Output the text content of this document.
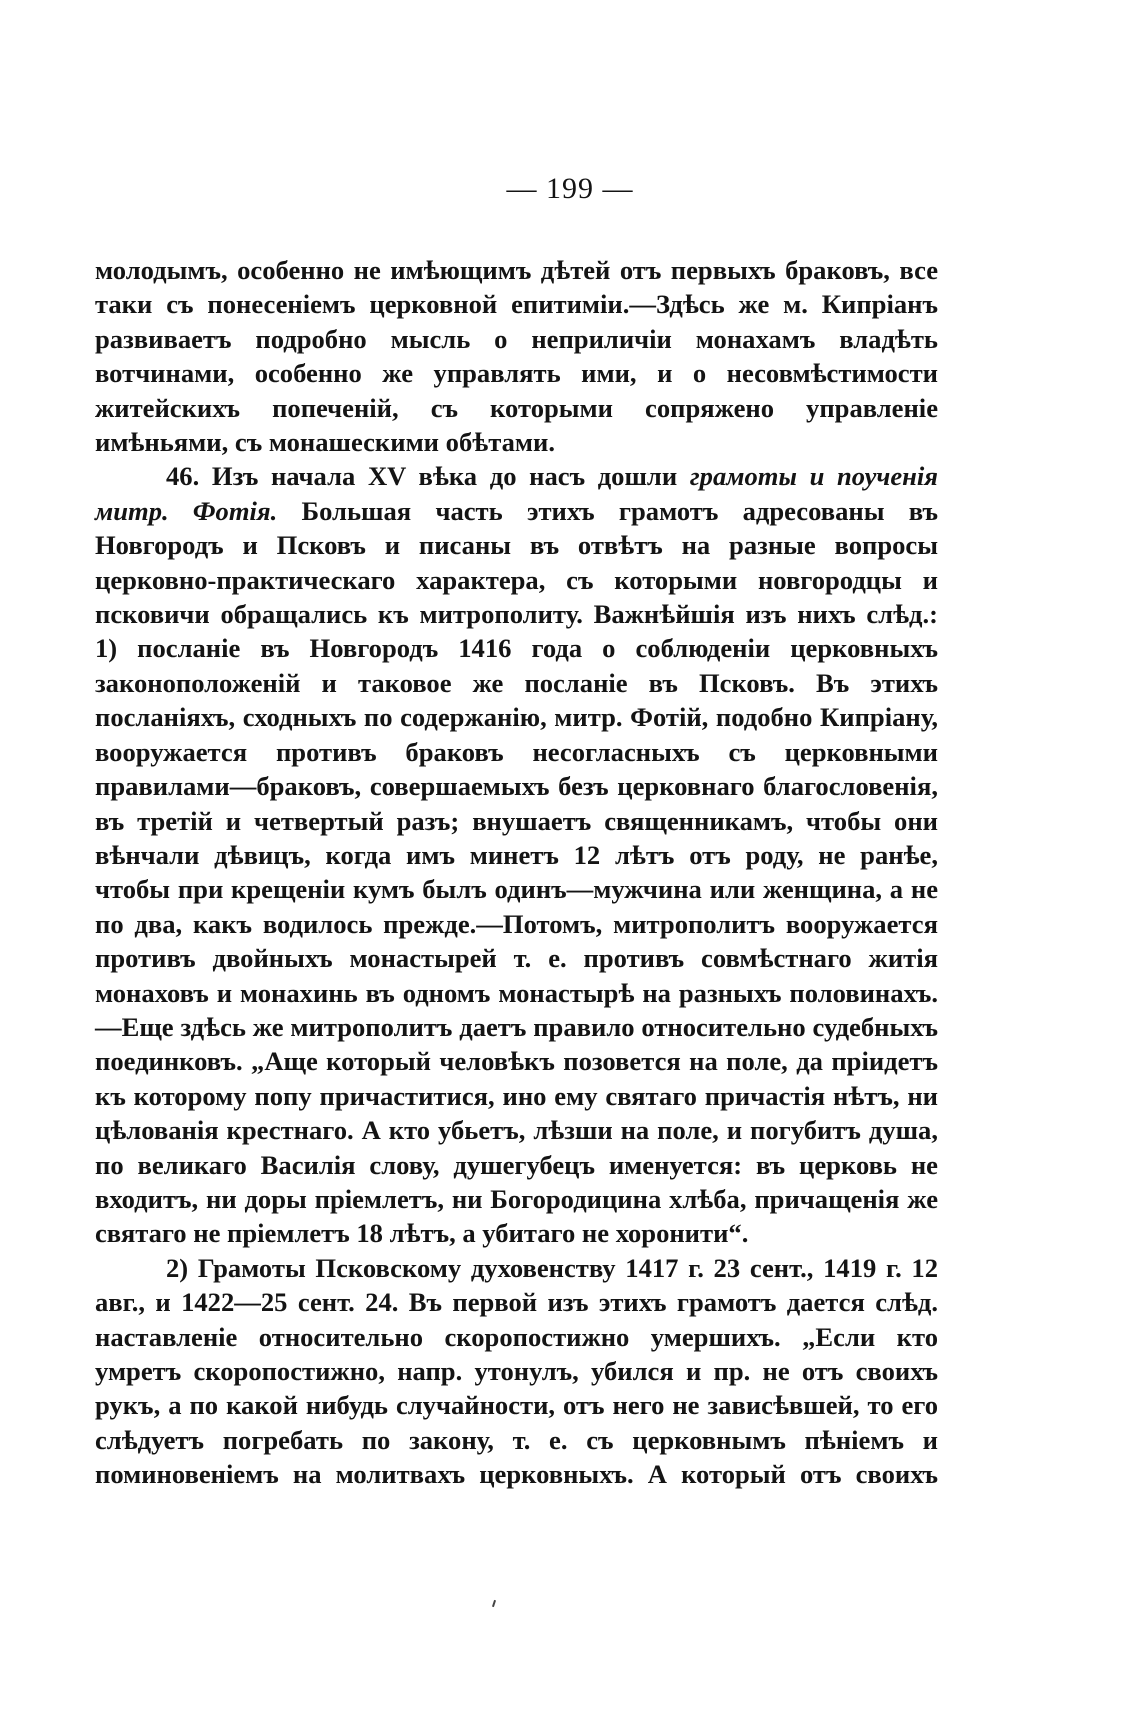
— 199 —

молодымъ, особенно не имѣющимъ дѣтей отъ первыхъ браковъ, все таки съ понесеніемъ церковной епитиміи.—Здѣсь же м. Кипріанъ развиваетъ подробно мысль о неприличіи монахамъ владѣть вотчинами, особенно же управлять ими, и о несовмѣстимости житейскихъ попеченій, съ которыми сопряжено управленіе имѣньями, съ монашескими обѣтами.

46. Изъ начала XV вѣка до насъ дошли грамоты и поученія митр. Фотія. Большая часть этихъ грамотъ адресованы въ Новгородъ и Псковъ и писаны въ отвѣтъ на разные вопросы церковно-практическаго характера, съ которыми новгородцы и псковичи обращались къ митрополиту. Важнѣйшія изъ нихъ слѣд.: 1) посланіе въ Новгородъ 1416 года о соблюденіи церковныхъ законоположеній и таковое же посланіе въ Псковъ. Въ этихъ посланіяхъ, сходныхъ по содержанію, митр. Фотій, подобно Кипріану, вооружается противъ браковъ несогласныхъ съ церковными правилами—браковъ, совершаемыхъ безъ церковнаго благословенія, въ третій и четвертый разъ; внушаетъ священникамъ, чтобы они вѣнчали дѣвицъ, когда имъ минетъ 12 лѣтъ отъ роду, не ранѣе, чтобы при крещеніи кумъ былъ одинъ—мужчина или женщина, а не по два, какъ водилось прежде.—Потомъ, митрополитъ вооружается противъ двойныхъ монастырей т. е. противъ совмѣстнаго житія монаховъ и монахинь въ одномъ монастырѣ на разныхъ половинахъ.—Еще здѣсь же митрополитъ даетъ правило относительно судебныхъ поединковъ. „Аще который человѣкъ позовется на поле, да пріидетъ къ которому попу причаститися, ино ему святаго причастія нѣтъ, ни цѣлованія крестнаго. А кто убьетъ, лѣзши на поле, и погубитъ душа, по великаго Василія слову, душегубецъ именуется: въ церковь не входитъ, ни доры пріемлетъ, ни Богородицина хлѣба, причащенія же святаго не пріемлетъ 18 лѣтъ, а убитаго не хоронити“.

2) Грамоты Псковскому духовенству 1417 г. 23 сент., 1419 г. 12 авг., и 1422—25 сент. 24. Въ первой изъ этихъ грамотъ дается слѣд. наставленіе относительно скоропостижно умершихъ. „Если кто умретъ скоропостижно, напр. утонулъ, убился и пр. не отъ своихъ рукъ, а по какой нибудь случайности, отъ него не зависѣвшей, то его слѣдуетъ погребать по закону, т. е. съ церковнымъ пѣніемъ и поминовеніемъ на молитвахъ церковныхъ. А который отъ своихъ
